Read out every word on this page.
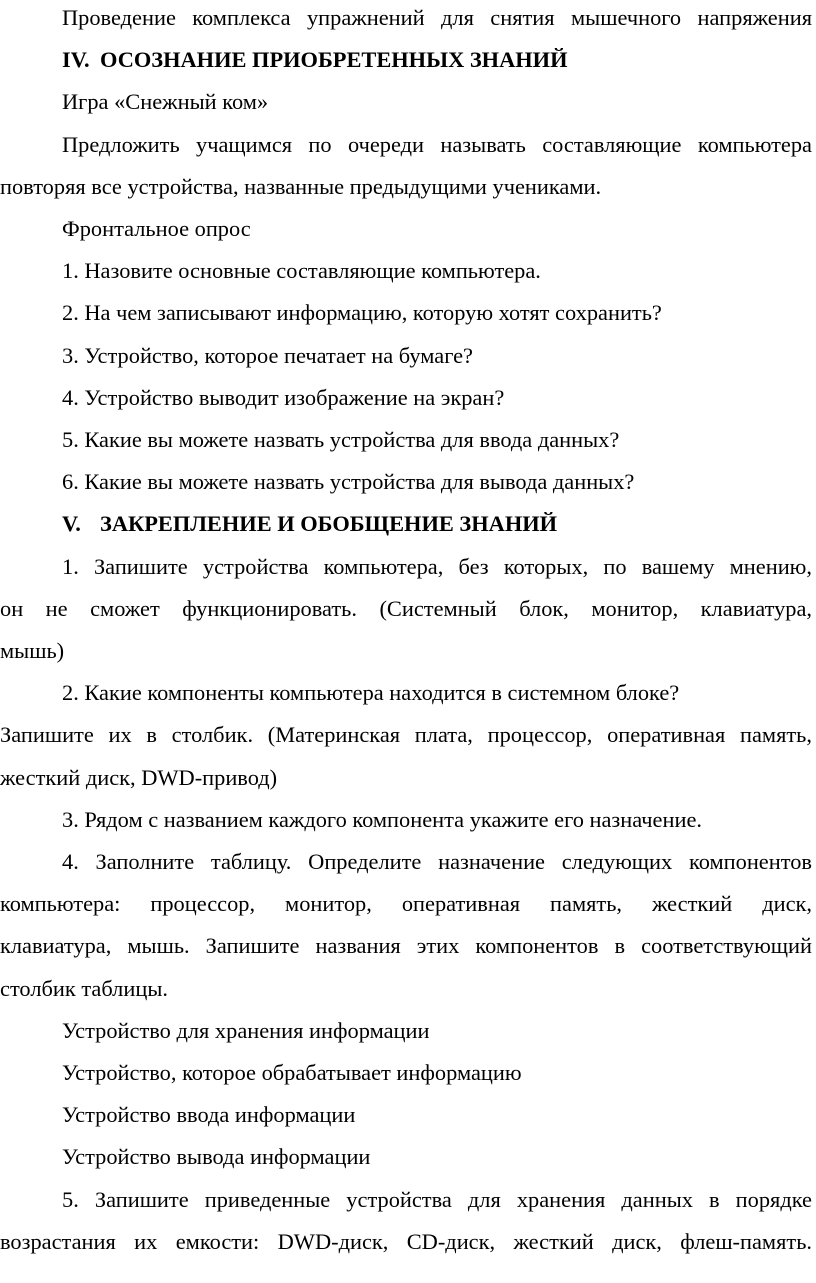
Проведение комплекса упражнений для снятия мышечного напряжения
IV. ОСОЗНАНИЕ ПРИОБРЕТЕННЫХ ЗНАНИЙ
Игра «Снежный ком»
Предложить учащимся по очереди называть составляющие компьютера
повторяя все устройства, названные предыдущими учениками.
Фронтальное опрос
1. Назовите основные составляющие компьютера.
2. На чем записывают информацию, которую хотят сохранить?
3. Устройство, которое печатает на бумаге?
4. Устройство выводит изображение на экран?
5. Какие вы можете назвать устройства для ввода данных?
6. Какие вы можете назвать устройства для вывода данных?
V. ЗАКРЕПЛЕНИЕ И ОБОБЩЕНИЕ ЗНАНИЙ
1. Запишите устройства компьютера, без которых, по вашему мнению,
он не сможет функционировать. (Системный блок, монитор, клавиатура,
мышь)
2. Какие компоненты компьютера находится в системном блоке?
Запишите их в столбик. (Материнская плата, процессор, оперативная память,
жесткий диск, DWD-привод)
3. Рядом с названием каждого компонента укажите его назначение.
4. Заполните таблицу. Определите назначение следующих компонентов
компьютера: процессор, монитор, оперативная память, жесткий диск,
клавиатура, мышь. Запишите названия этих компонентов в соответствующий
столбик таблицы.
Устройство для хранения информации
Устройство, которое обрабатывает информацию
Устройство ввода информации
Устройство вывода информации
5. Запишите приведенные устройства для хранения данных в порядке
возрастания их емкости: DWD-диск, CD-диск, жесткий диск, флеш-память.
